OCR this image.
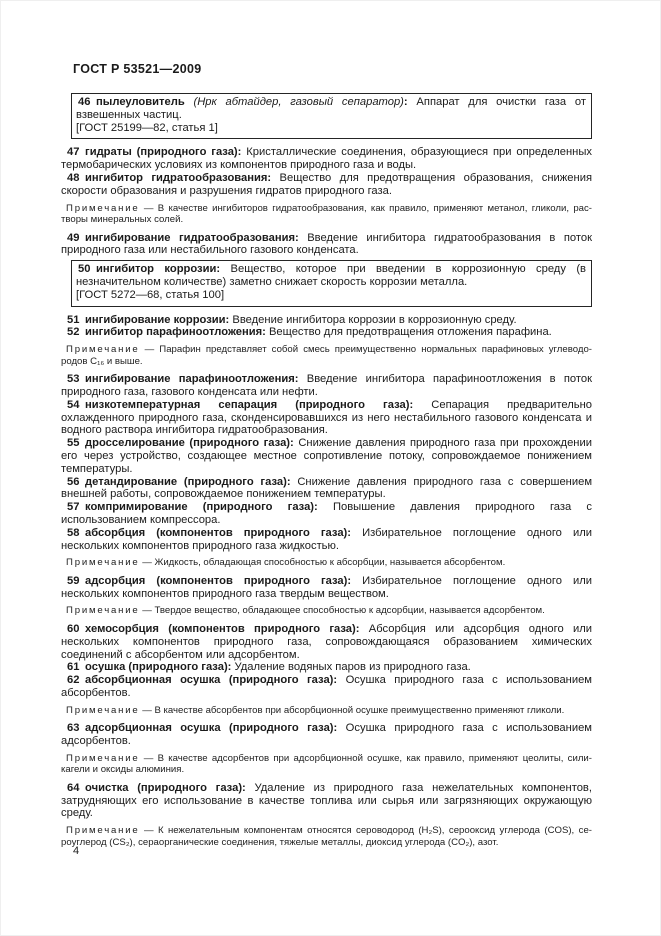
ГОСТ Р 53521—2009

46 пылеуловитель (Нрк абтайдер, газовый сепаратор): Аппарат для очистки газа от взвешенных частиц.

[ГОСТ 25199—82, статья 1]

47 гидраты (природного газа): Кристаллические соединения, образующиеся при определенных термобарических условиях из компонентов природного газа и воды.

48 ингибитор гидратообразования: Вещество для предотвращения образования, снижения скорости образования и разрушения гидратов природного газа.

Примечание — В качестве ингибиторов гидратообразования, как правило, применяют метанол, гликоли, растворы минеральных солей.

49 ингибирование гидратообразования: Введение ингибитора гидратообразования в поток природного газа или нестабильного газового конденсата.

50 ингибитор коррозии: Вещество, которое при введении в коррозионную среду (в незначительном количестве) заметно снижает скорость коррозии металла.

[ГОСТ 5272—68, статья 100]

51 ингибирование коррозии: Введение ингибитора коррозии в коррозионную среду.

52 ингибитор парафиноотложения: Вещество для предотвращения отложения парафина.

Примечание — Парафин представляет собой смесь преимущественно нормальных парафиновых углеводородов С₁₆ и выше.

53 ингибирование парафиноотложения: Введение ингибитора парафиноотложения в поток природного газа, газового конденсата или нефти.

54 низкотемпературная сепарация (природного газа): Сепарация предварительно охлажденного природного газа, сконденсировавшихся из него нестабильного газового конденсата и водного раствора ингибитора гидратообразования.

55 дросселирование (природного газа): Снижение давления природного газа при прохождении его через устройство, создающее местное сопротивление потоку, сопровождаемое понижением температуры.

56 детандирование (природного газа): Снижение давления природного газа с совершением внешней работы, сопровождаемое понижением температуры.

57 компримирование (природного газа): Повышение давления природного газа с использованием компрессора.

58 абсорбция (компонентов природного газа): Избирательное поглощение одного или нескольких компонентов природного газа жидкостью.

Примечание — Жидкость, обладающая способностью к абсорбции, называется абсорбентом.

59 адсорбция (компонентов природного газа): Избирательное поглощение одного или нескольких компонентов природного газа твердым веществом.

Примечание — Твердое вещество, обладающее способностью к адсорбции, называется адсорбентом.

60 хемосорбция (компонентов природного газа): Абсорбция или адсорбция одного или нескольких компонентов природного газа, сопровождающаяся образованием химических соединений с абсорбентом или адсорбентом.

61 осушка (природного газа): Удаление водяных паров из природного газа.

62 абсорбционная осушка (природного газа): Осушка природного газа с использованием абсорбентов.

Примечание — В качестве абсорбентов при абсорбционной осушке преимущественно применяют гликоли.

63 адсорбционная осушка (природного газа): Осушка природного газа с использованием адсорбентов.

Примечание — В качестве адсорбентов при адсорбционной осушке, как правило, применяют цеолиты, силикагели и оксиды алюминия.

64 очистка (природного газа): Удаление из природного газа нежелательных компонентов, затрудняющих его использование в качестве топлива или сырья или загрязняющих окружающую среду.

Примечание — К нежелательным компонентам относятся сероводород (H₂S), серооксид углерода (COS), сероуглерод (CS₂), сераорганические соединения, тяжелые металлы, диоксид углерода (CO₂), азот.

4
